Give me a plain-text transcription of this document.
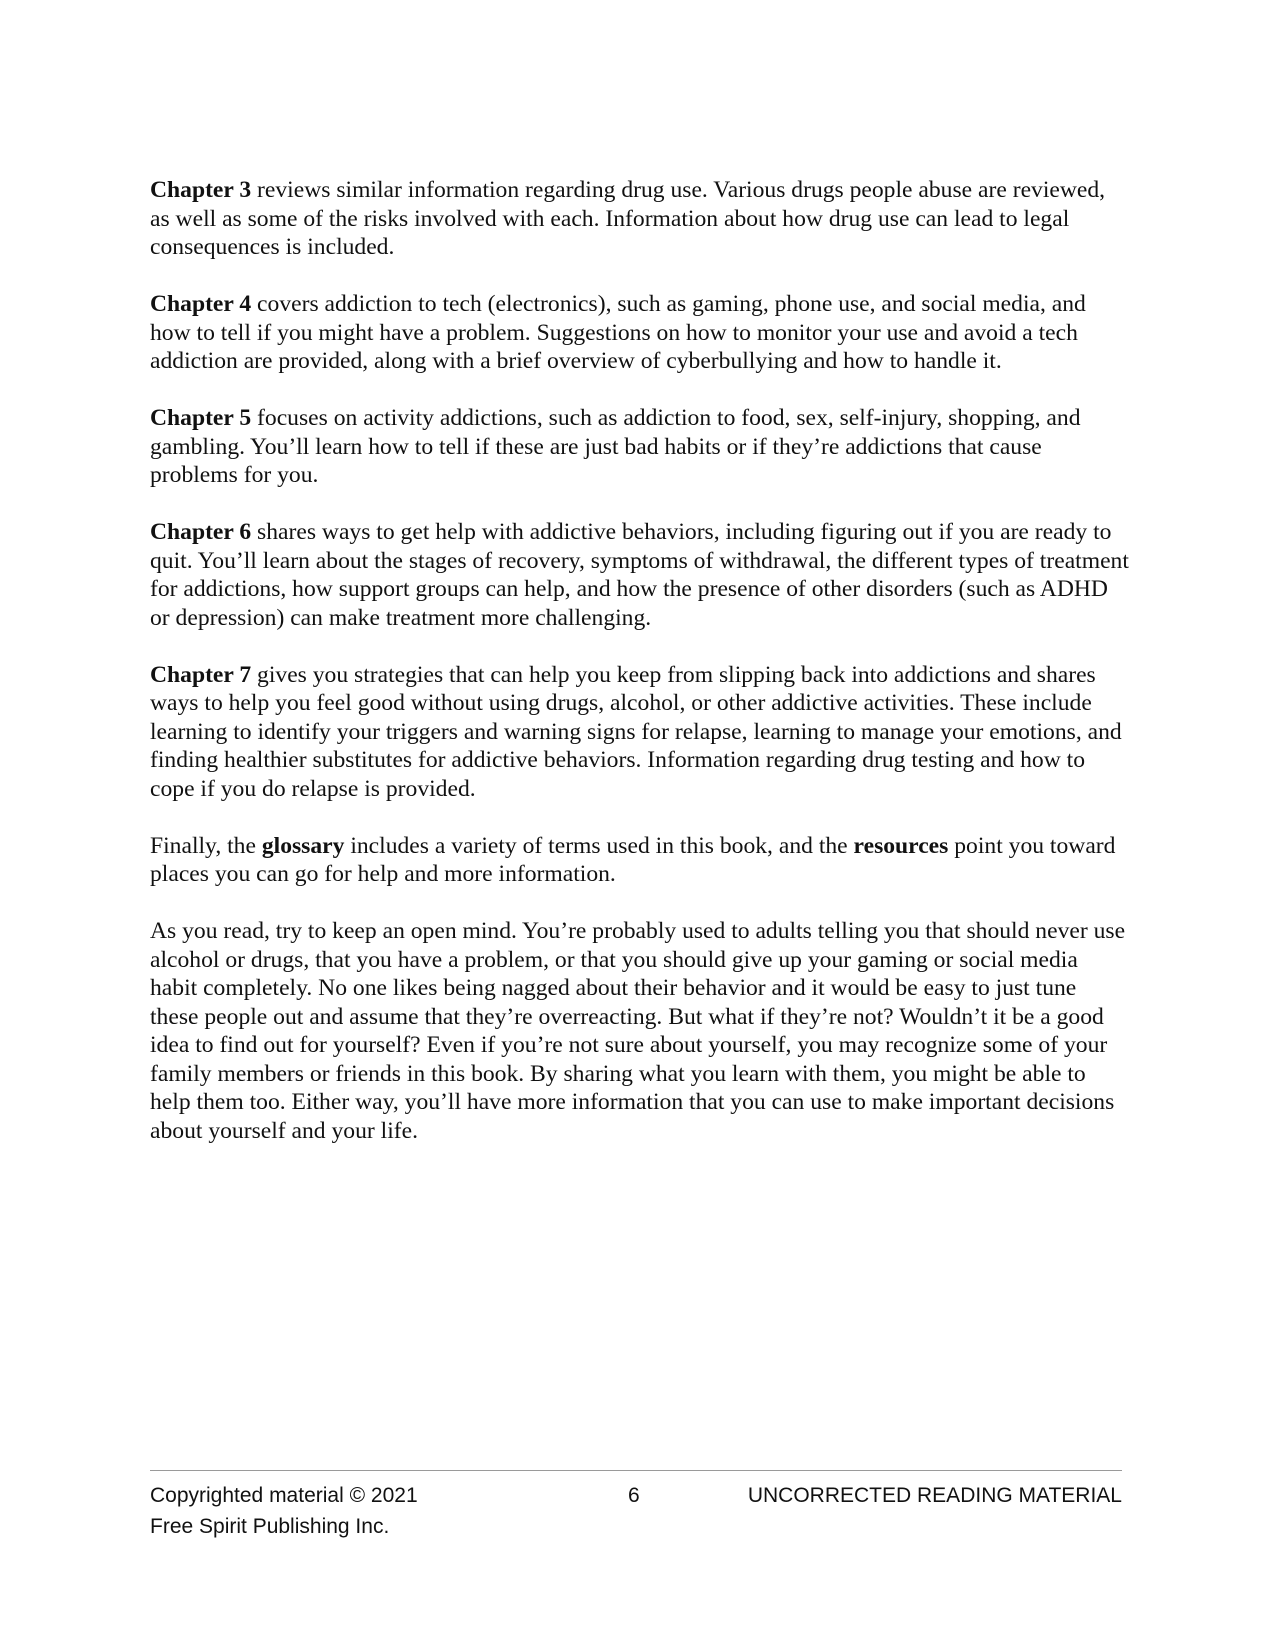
Chapter 3 reviews similar information regarding drug use. Various drugs people abuse are reviewed, as well as some of the risks involved with each. Information about how drug use can lead to legal consequences is included.

Chapter 4 covers addiction to tech (electronics), such as gaming, phone use, and social media, and how to tell if you might have a problem. Suggestions on how to monitor your use and avoid a tech addiction are provided, along with a brief overview of cyberbullying and how to handle it.

Chapter 5 focuses on activity addictions, such as addiction to food, sex, self-injury, shopping, and gambling. You’ll learn how to tell if these are just bad habits or if they’re addictions that cause problems for you.

Chapter 6 shares ways to get help with addictive behaviors, including figuring out if you are ready to quit. You’ll learn about the stages of recovery, symptoms of withdrawal, the different types of treatment for addictions, how support groups can help, and how the presence of other disorders (such as ADHD or depression) can make treatment more challenging.

Chapter 7 gives you strategies that can help you keep from slipping back into addictions and shares ways to help you feel good without using drugs, alcohol, or other addictive activities. These include learning to identify your triggers and warning signs for relapse, learning to manage your emotions, and finding healthier substitutes for addictive behaviors. Information regarding drug testing and how to cope if you do relapse is provided.

Finally, the glossary includes a variety of terms used in this book, and the resources point you toward places you can go for help and more information.

As you read, try to keep an open mind. You’re probably used to adults telling you that should never use alcohol or drugs, that you have a problem, or that you should give up your gaming or social media habit completely. No one likes being nagged about their behavior and it would be easy to just tune these people out and assume that they’re overreacting. But what if they’re not? Wouldn’t it be a good idea to find out for yourself? Even if you’re not sure about yourself, you may recognize some of your family members or friends in this book. By sharing what you learn with them, you might be able to help them too. Either way, you’ll have more information that you can use to make important decisions about yourself and your life.

Copyrighted material © 2021
Free Spirit Publishing Inc.
6	UNCORRECTED READING MATERIAL
